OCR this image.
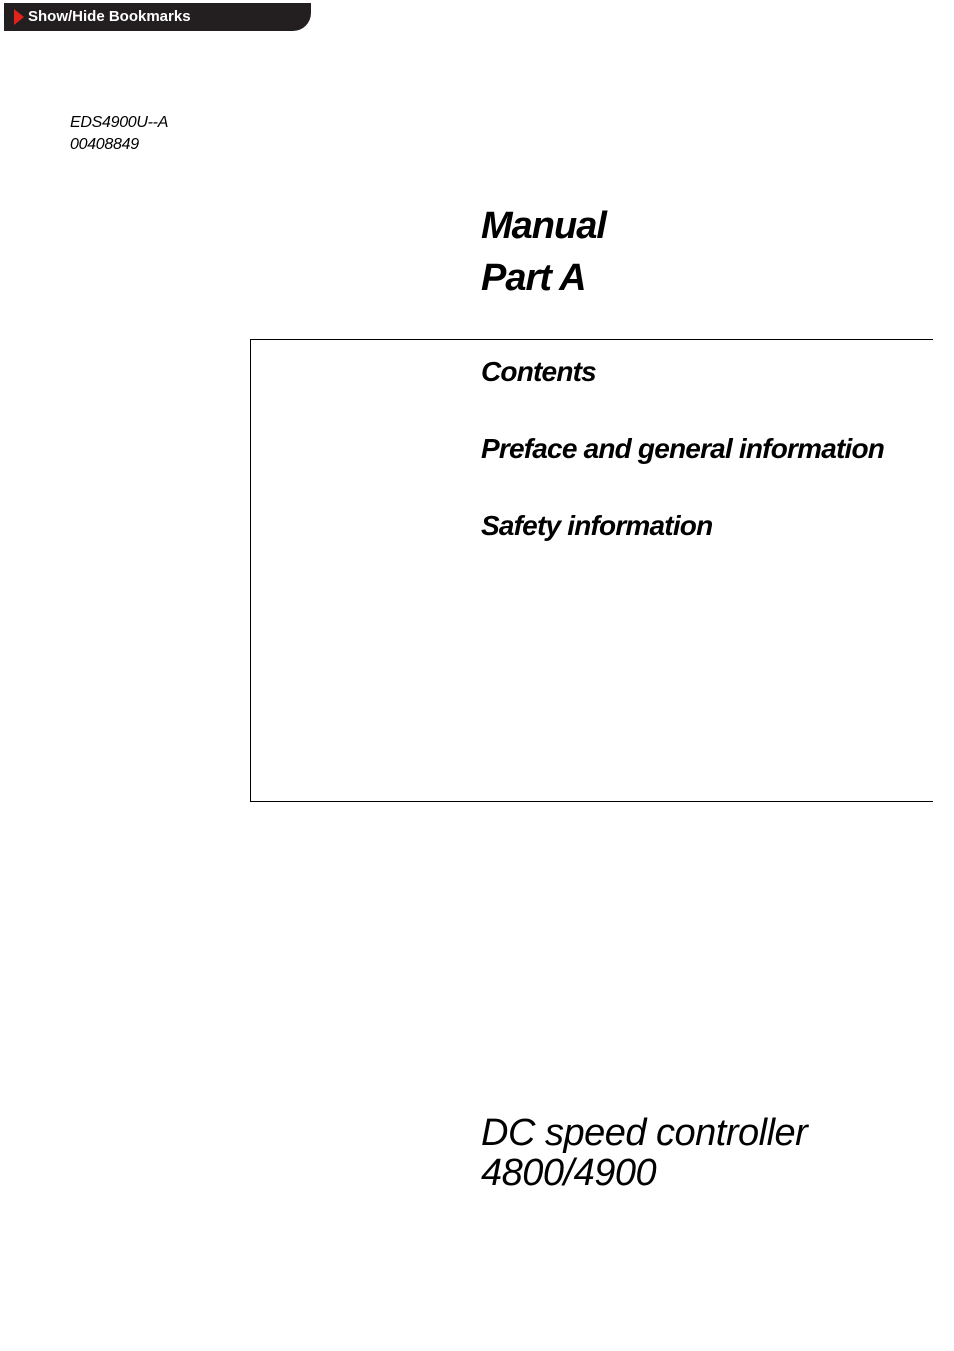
Show/Hide Bookmarks
EDS4900U--A
00408849
Manual
Part A
Contents
Preface and general information
Safety information
DC speed controller
4800/4900
